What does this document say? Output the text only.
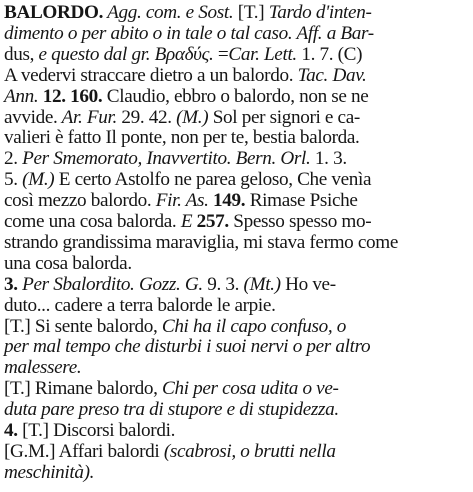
BALORDO. Agg. com. e Sost. [T.] Tardo d'inten-
dimento o per abito o in tale o tal caso. Aff. a Bar-
dus, e questo dal gr. Βραδύς. =Car. Lett. 1. 7. (C)
A vedervi straccare dietro a un balordo. Tac. Dav.
Ann. 12. 160. Claudio, ebbro o balordo, non se ne
avvide. Ar. Fur. 29. 42. (M.) Sol per signori e ca-
valieri è fatto Il ponte, non per te, bestia balorda.
2. Per Smemorato, Inavvertito. Bern. Orl. 1. 3.
5. (M.) E certo Astolfo ne parea geloso, Che venìa
così mezzo balordo. Fir. As. 149. Rimase Psiche
come una cosa balorda. E 257. Spesso spesso mo-
strando grandissima maraviglia, mi stava fermo come
una cosa balorda.
3. Per Sbalordito. Gozz. G. 9. 3. (Mt.) Ho ve-
duto... cadere a terra balorde le arpie.
[T.] Si sente balordo, Chi ha il capo confuso, o
per mal tempo che disturbi i suoi nervi o per altro
malessere.
[T.] Rimane balordo, Chi per cosa udita o ve-
duta pare preso tra di stupore e di stupidezza.
4. [T.] Discorsi balordi.
[G.M.] Affari balordi (scabrosi, o brutti nella
meschinità).
